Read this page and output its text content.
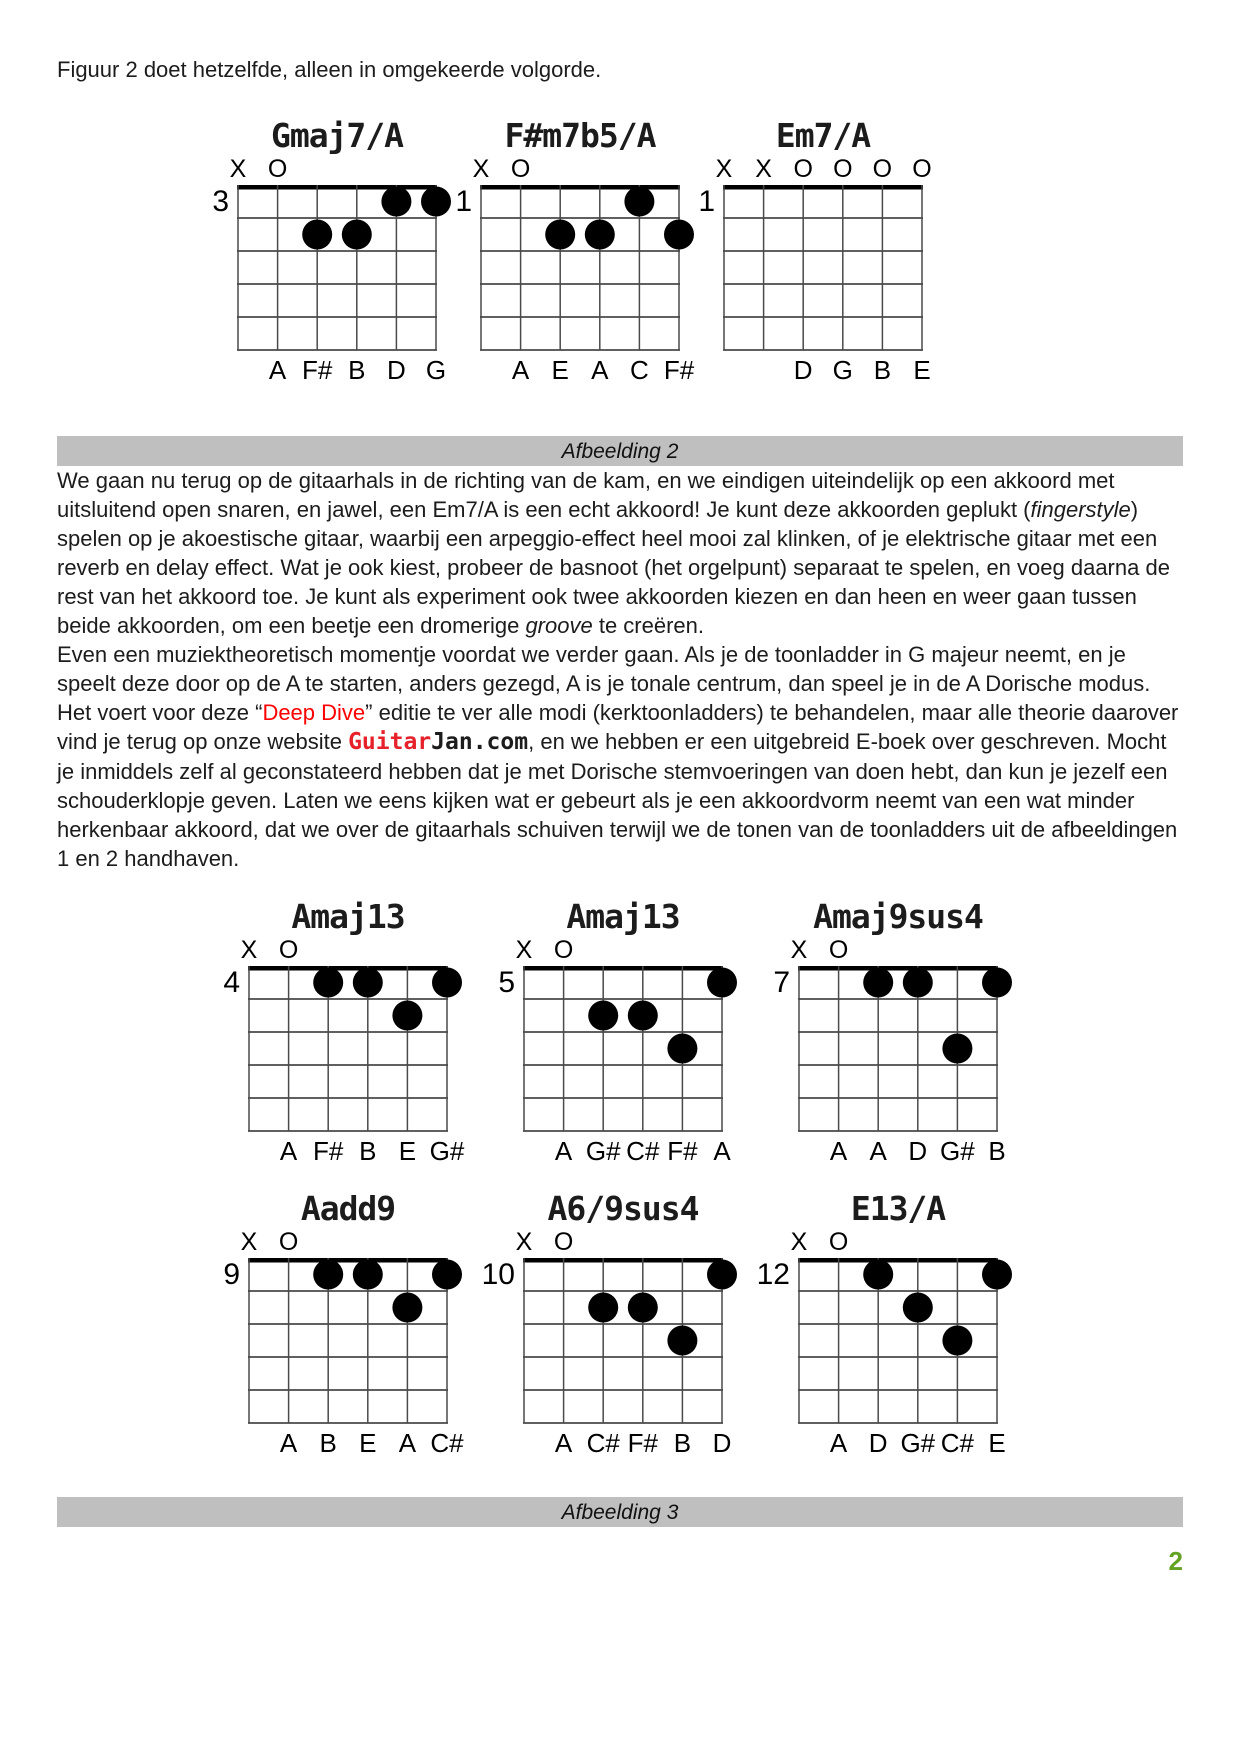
Figuur 2 doet hetzelfde, alleen in omgekeerde volgorde.

Gmaj7/A
X O
3
A F# B D G
F#m7b5/A
X O
1
A E A C F#
Em7/A
X X O O O O
1
D G B E
Afbeelding 2

We gaan nu terug op de gitaarhals in de richting van de kam, en we eindigen uiteindelijk op een akkoord met uitsluitend open snaren, en jawel, een Em7/A is een echt akkoord! Je kunt deze akkoorden geplukt (fingerstyle) spelen op je akoestische gitaar, waarbij een arpeggio-effect heel mooi zal klinken, of je elektrische gitaar met een reverb en delay effect. Wat je ook kiest, probeer de basnoot (het orgelpunt) separaat te spelen, en voeg daarna de rest van het akkoord toe. Je kunt als experiment ook twee akkoorden kiezen en dan heen en weer gaan tussen beide akkoorden, om een beetje een dromerige groove te creëren.

Even een muziektheoretisch momentje voordat we verder gaan. Als je de toonladder in G majeur neemt, en je speelt deze door op de A te starten, anders gezegd, A is je tonale centrum, dan speel je in de A Dorische modus. Het voert voor deze “Deep Dive” editie te ver alle modi (kerktoonladders) te behandelen, maar alle theorie daarover vind je terug op onze website GuitarJan.com, en we hebben er een uitgebreid E-boek over geschreven. Mocht je inmiddels zelf al geconstateerd hebben dat je met Dorische stemvoeringen van doen hebt, dan kun je jezelf een schouderklopje geven. Laten we eens kijken wat er gebeurt als je een akkoordvorm neemt van een wat minder herkenbaar akkoord, dat we over de gitaarhals schuiven terwijl we de tonen van de toonladders uit de afbeeldingen 1 en 2 handhaven.

Amaj13
X O
4
A F# B E G#
Amaj13
X O
5
A G# C# F# A
Amaj9sus4
X O
7
A A D G# B
Aadd9
X O
9
A B E A C#
A6/9sus4
X O
10
A C# F# B D
E13/A
X O
12
A D G# C# E
Afbeelding 3
2
